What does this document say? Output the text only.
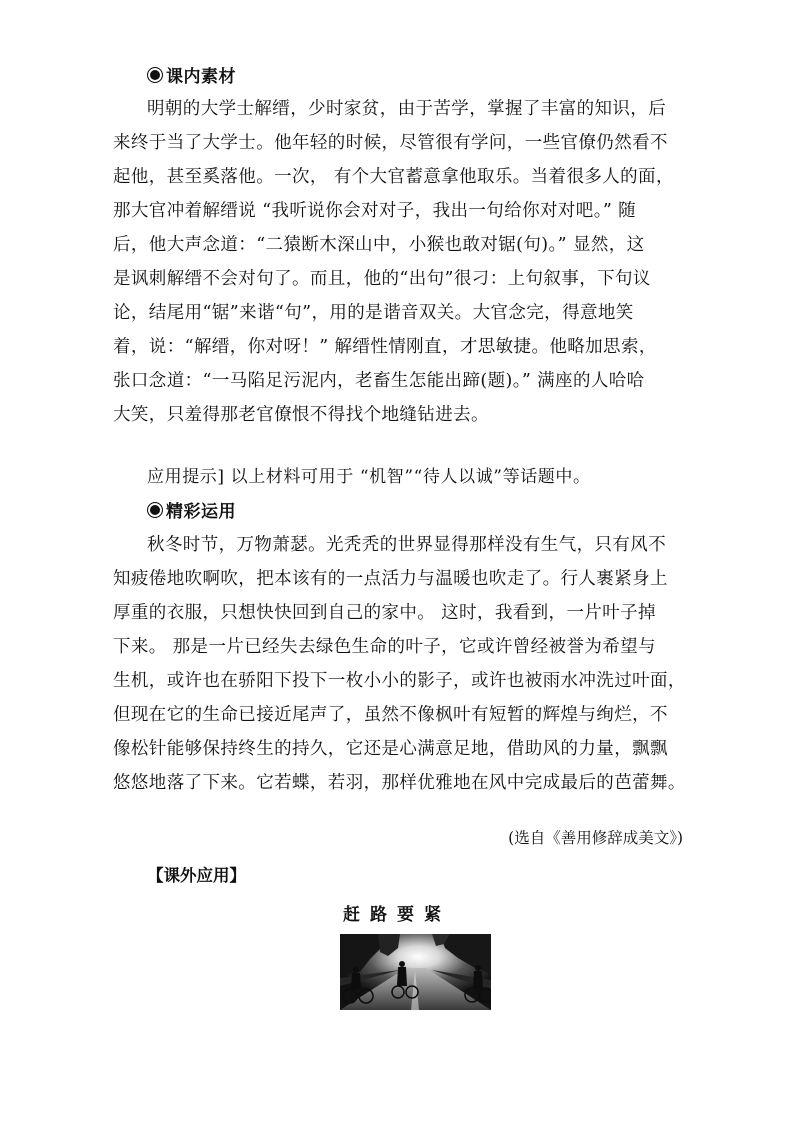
课内素材
明朝的大学士解缙，少时家贫，由于苦学，掌握了丰富的知识，后
来终于当了大学士。他年轻的时候，尽管很有学问，一些官僚仍然看不
起他，甚至奚落他。一次， 有个大官蓄意拿他取乐。当着很多人的面，
那大官冲着解缙说 “我听说你会对对子，我出一句给你对对吧。” 随
后，他大声念道：“二猿断木深山中，小猴也敢对锯(句)。” 显然，这
是讽刺解缙不会对句了。而且，他的“出句”很刁：上句叙事，下句议
论，结尾用“锯”来谐“句”，用的是谐音双关。大官念完，得意地笑
着，说：“解缙，你对呀！” 解缙性情刚直，才思敏捷。他略加思索，
张口念道：“一马陷足污泥内，老畜生怎能出蹄(题)。” 满座的人哈哈
大笑，只羞得那老官僚恨不得找个地缝钻进去。
应用提示] 以上材料可用于 “机智”“待人以诚”等话题中。
精彩运用
秋冬时节，万物萧瑟。光秃秃的世界显得那样没有生气，只有风不
知疲倦地吹啊吹，把本该有的一点活力与温暖也吹走了。行人裹紧身上
厚重的衣服，只想快快回到自己的家中。 这时，我看到，一片叶子掉
下来。 那是一片已经失去绿色生命的叶子，它或许曾经被誉为希望与
生机，或许也在骄阳下投下一枚小小的影子，或许也被雨水冲洗过叶面，
但现在它的生命已接近尾声了，虽然不像枫叶有短暂的辉煌与绚烂，不
像松针能够保持终生的持久，它还是心满意足地，借助风的力量，飘飘
悠悠地落了下来。它若蝶，若羽，那样优雅地在风中完成最后的芭蕾舞。
(选自《善用修辞成美文》)
【课外应用】
赶路要紧
